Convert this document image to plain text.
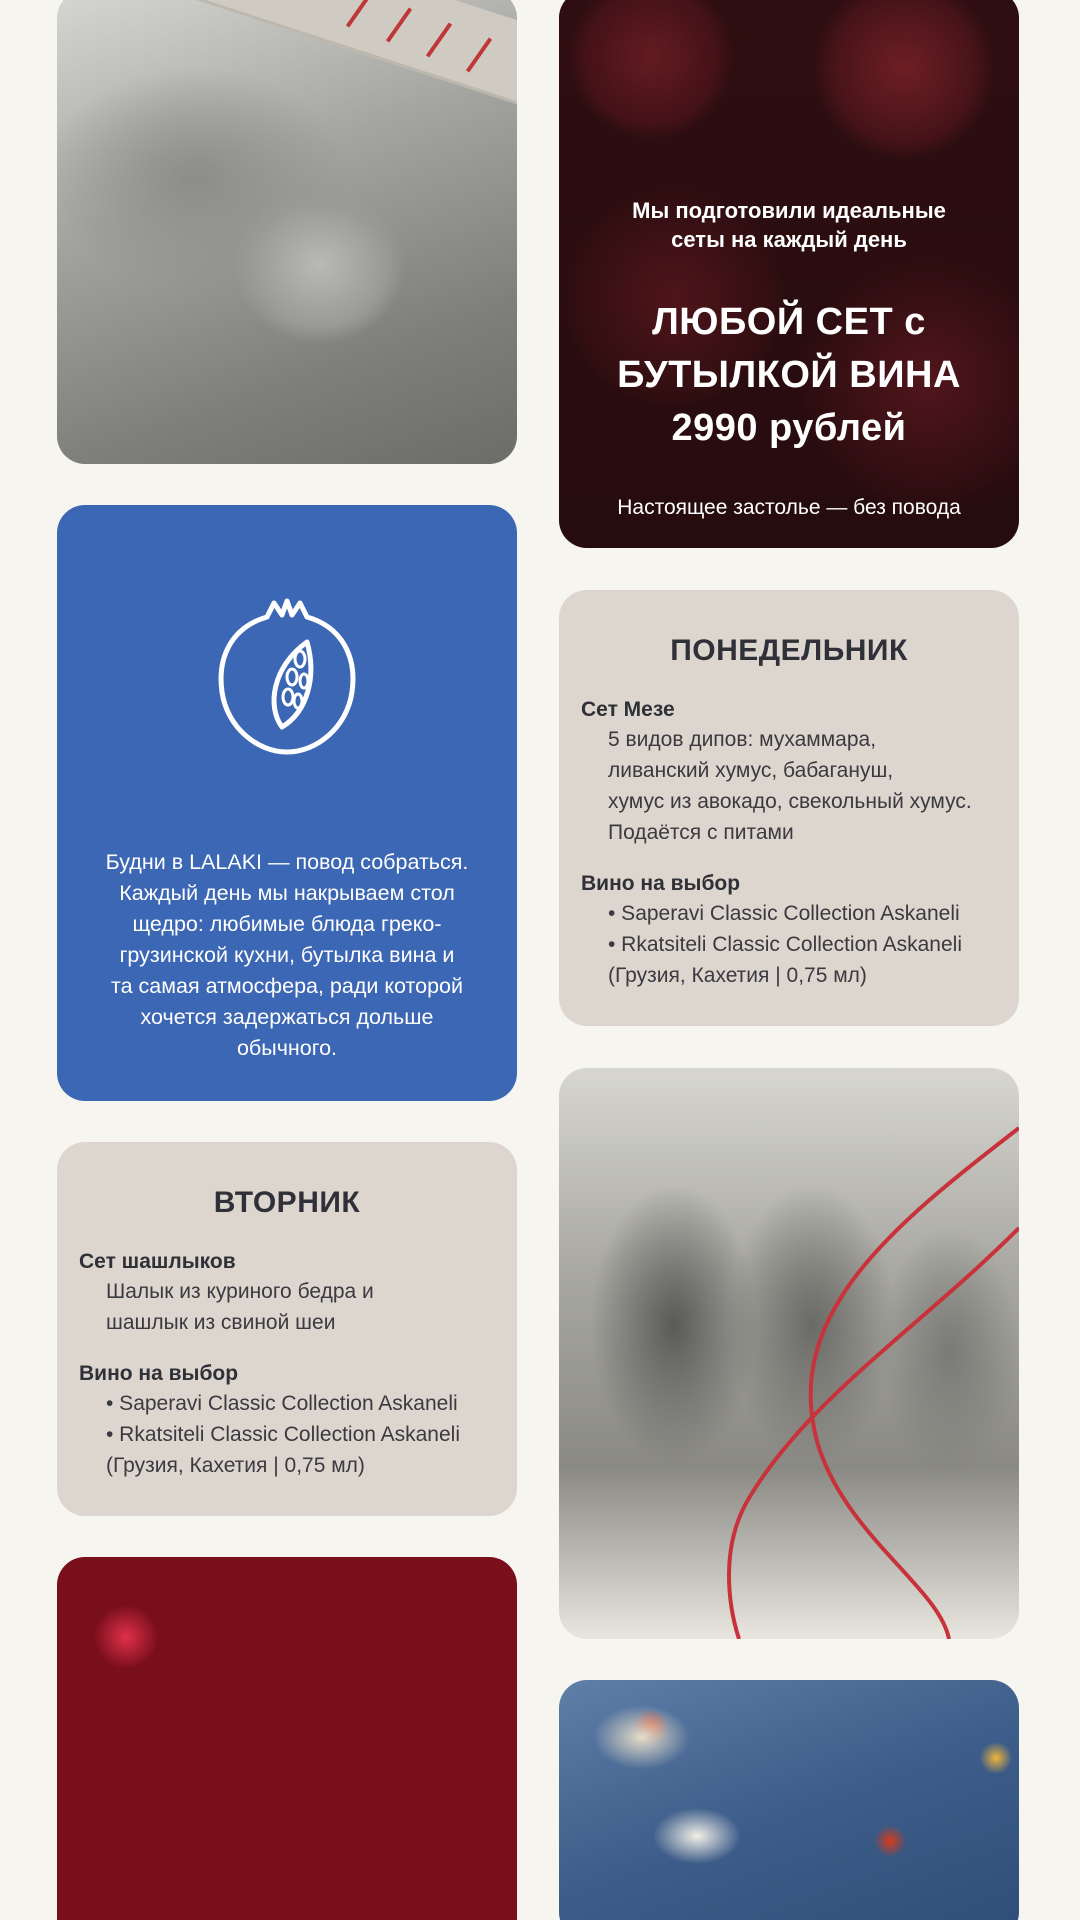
Будни в LALAKI — повод собраться.
Каждый день мы накрываем стол
щедро: любимые блюда греко-
грузинской кухни, бутылка вина и
та самая атмосфера, ради которой
хочется задержаться дольше
обычного.
ВТОРНИК
Сет шашлыков
Шалык из куриного бедра и
шашлык из свиной шеи
Вино на выбор
• Saperavi Classic Collection Askaneli
• Rkatsiteli Classic Collection Askaneli
(Грузия, Кахетия | 0,75 мл)
Мы подготовили идеальные
сеты на каждый день
ЛЮБОЙ СЕТ с
БУТЫЛКОЙ ВИНА
2990 рублей
Настоящее застолье — без повода
ПОНЕДЕЛЬНИК
Сет Мезе
5 видов дипов: мухаммара,
ливанский хумус, бабагануш,
хумус из авокадо, свекольный хумус.
Подаётся с питами
Вино на выбор
• Saperavi Classic Collection Askaneli
• Rkatsiteli Classic Collection Askaneli
(Грузия, Кахетия | 0,75 мл)
